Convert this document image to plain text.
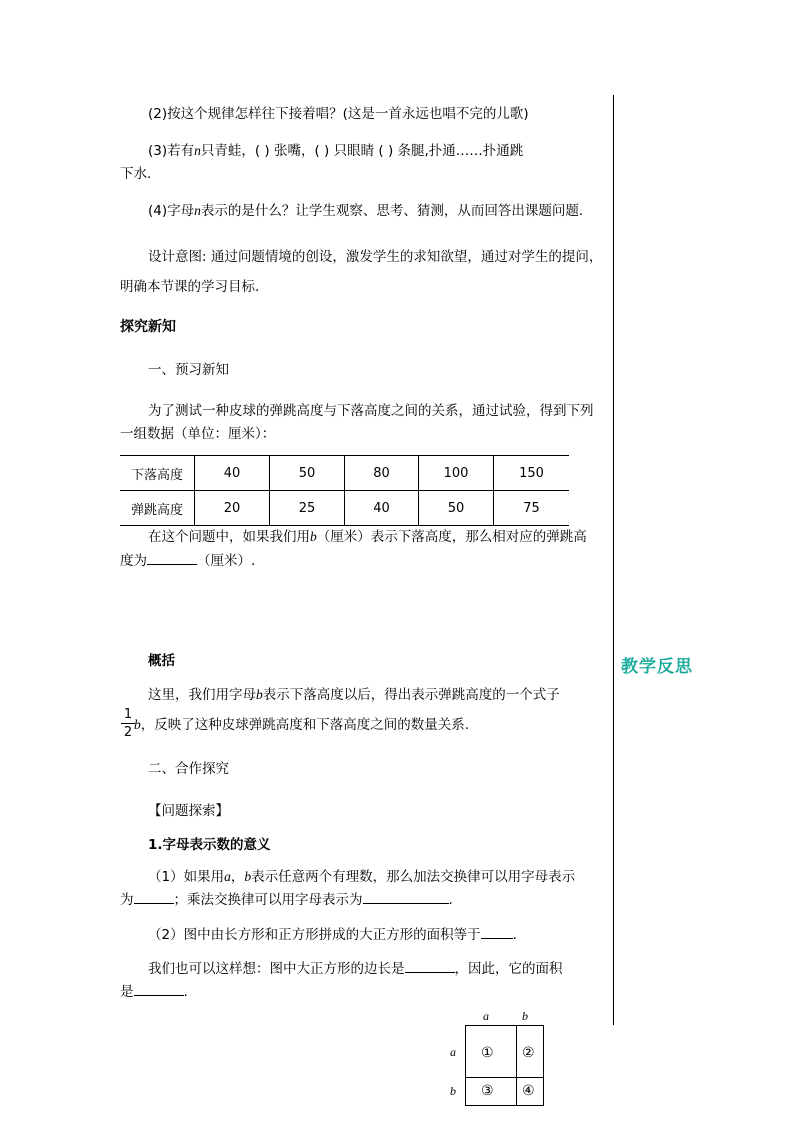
教学反思
(2)按这个规律怎样往下接着唱？(这是一首永远也唱不完的儿歌)
(3)若有n只青蛙，( ) 张嘴，( ) 只眼睛 ( ) 条腿,扑通……扑通跳
下水.
(4)字母n表示的是什么？让学生观察、思考、猜测，从而回答出课题问题.
设计意图: 通过问题情境的创设，激发学生的求知欲望，通过对学生的提问，
明确本节课的学习目标.
探究新知
一、预习新知
为了测试一种皮球的弹跳高度与下落高度之间的关系，通过试验，得到下列
一组数据（单位：厘米）：
下落高度	40	50	80	100	150
弹跳高度	20	25	40	50	75
在这个问题中，如果我们用b（厘米）表示下落高度，那么相对应的弹跳高
度为	（厘米）.
概括
这里，我们用字母b表示下落高度以后，得出表示弹跳高度的一个式子
1
2
b，反映了这种皮球弹跳高度和下落高度之间的数量关系.
二、合作探究
【问题探索】
1.字母表示数的意义
（1）如果用a，b表示任意两个有理数，那么加法交换律可以用字母表示
为	；乘法交换律可以用字母表示为	.
（2）图中由长方形和正方形拼成的大正方形的面积等于 .
我们也可以这样想：图中大正方形的边长是	，因此，它的面积
是	.
a	b
a
b
① ②
③ ④
